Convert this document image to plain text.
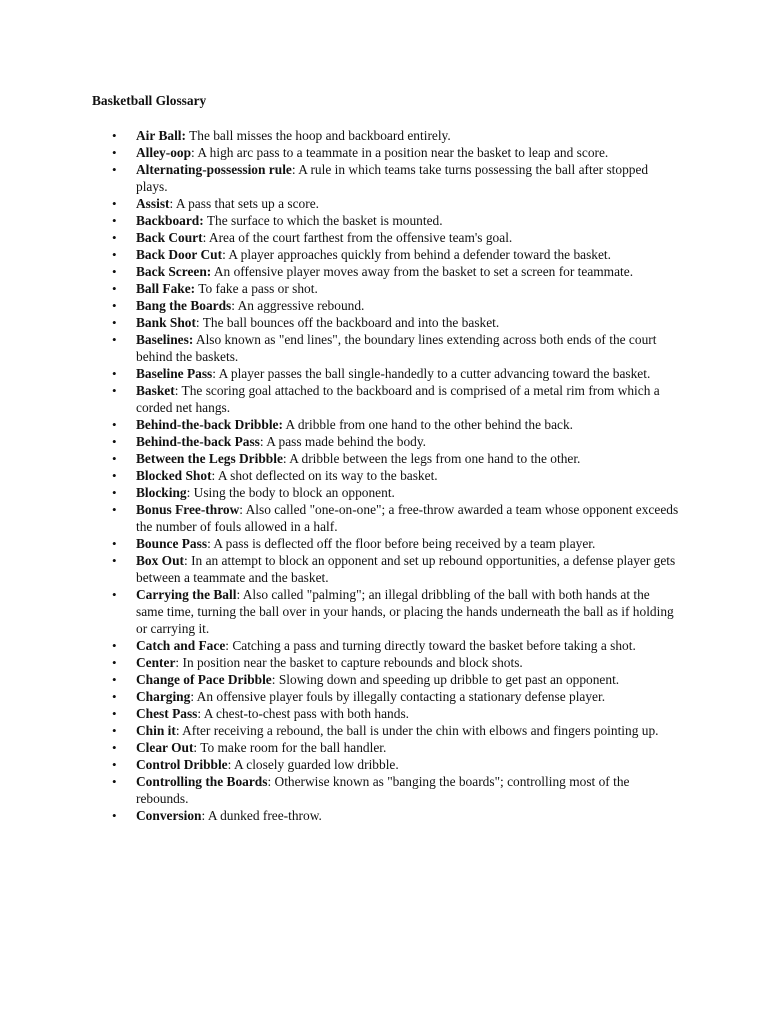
Basketball Glossary
• Air Ball: The ball misses the hoop and backboard entirely.
• Alley-oop: A high arc pass to a teammate in a position near the basket to leap and score.
• Alternating-possession rule: A rule in which teams take turns possessing the ball after stopped plays.
• Assist: A pass that sets up a score.
• Backboard: The surface to which the basket is mounted.
• Back Court: Area of the court farthest from the offensive team's goal.
• Back Door Cut: A player approaches quickly from behind a defender toward the basket.
• Back Screen: An offensive player moves away from the basket to set a screen for teammate.
• Ball Fake: To fake a pass or shot.
• Bang the Boards: An aggressive rebound.
• Bank Shot: The ball bounces off the backboard and into the basket.
• Baselines: Also known as "end lines", the boundary lines extending across both ends of the court behind the baskets.
• Baseline Pass: A player passes the ball single-handedly to a cutter advancing toward the basket.
• Basket: The scoring goal attached to the backboard and is comprised of a metal rim from which a corded net hangs.
• Behind-the-back Dribble: A dribble from one hand to the other behind the back.
• Behind-the-back Pass: A pass made behind the body.
• Between the Legs Dribble: A dribble between the legs from one hand to the other.
• Blocked Shot: A shot deflected on its way to the basket.
• Blocking: Using the body to block an opponent.
• Bonus Free-throw: Also called "one-on-one"; a free-throw awarded a team whose opponent exceeds the number of fouls allowed in a half.
• Bounce Pass: A pass is deflected off the floor before being received by a team player.
• Box Out: In an attempt to block an opponent and set up rebound opportunities, a defense player gets between a teammate and the basket.
• Carrying the Ball: Also called "palming"; an illegal dribbling of the ball with both hands at the same time, turning the ball over in your hands, or placing the hands underneath the ball as if holding or carrying it.
• Catch and Face: Catching a pass and turning directly toward the basket before taking a shot.
• Center: In position near the basket to capture rebounds and block shots.
• Change of Pace Dribble: Slowing down and speeding up dribble to get past an opponent.
• Charging: An offensive player fouls by illegally contacting a stationary defense player.
• Chest Pass: A chest-to-chest pass with both hands.
• Chin it: After receiving a rebound, the ball is under the chin with elbows and fingers pointing up.
• Clear Out: To make room for the ball handler.
• Control Dribble: A closely guarded low dribble.
• Controlling the Boards: Otherwise known as "banging the boards"; controlling most of the rebounds.
• Conversion: A dunked free-throw.
